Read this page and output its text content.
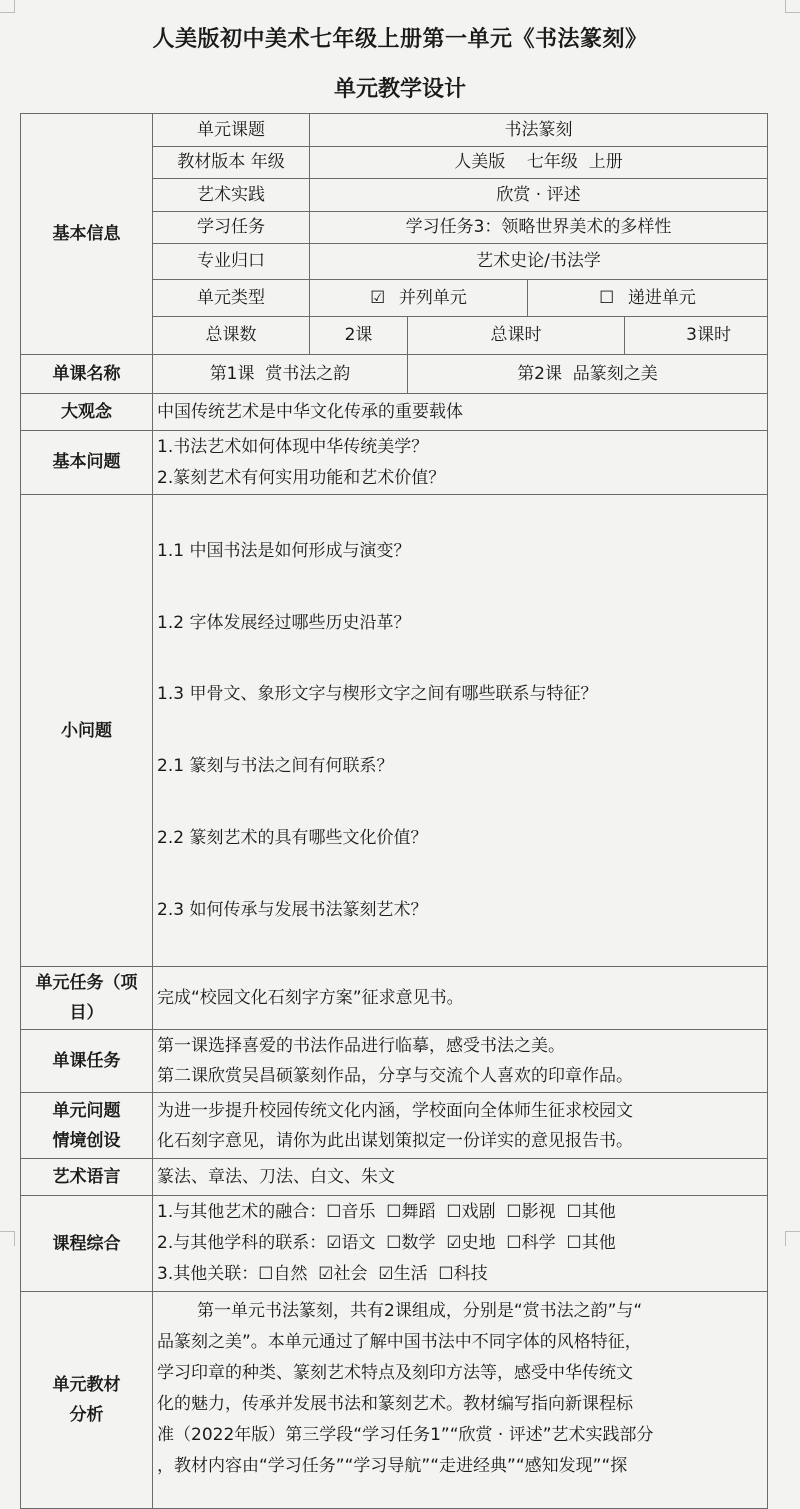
人美版初中美术七年级上册第一单元《书法篆刻》
单元教学设计
基本信息	单元课题	书法篆刻			
	教材版本 年级	人美版    七年级  上册			
	艺术实践	欣赏 · 评述			
	学习任务	学习任务3：领略世界美术的多样性			
	专业归口	艺术史论/书法学			
	单元类型	☑ 并列单元		☐ 递进单元	
	总课数	2课	总课时		3课时
单课名称	第1课  赏书法之韵		第2课  品篆刻之美		
大观念	中国传统艺术是中华文化传承的重要载体				
基本问题	1.书法艺术如何体现中华传统美学？
2.篆刻艺术有何实用功能和艺术价值？				

小问题	

1.1 中国书法是如何形成与演变？

1.2 字体发展经过哪些历史沿革？

1.3 甲骨文、象形文字与楔形文字之间有哪些联系与特征？

2.1 篆刻与书法之间有何联系？

2.2 篆刻艺术的具有哪些文化价值？

2.3 如何传承与发展书法篆刻艺术？

单元任务（项目）	完成“校园文化石刻字方案”征求意见书。				
单课任务	第一课选择喜爱的书法作品进行临摹，感受书法之美。
第二课欣赏吴昌硕篆刻作品，分享与交流个人喜欢的印章作品。				

单元问题
情境创设

为进一步提升校园传统文化内涵，学校面向全体师生征求校园文
化石刻字意见，请你为此出谋划策拟定一份详实的意见报告书。

艺术语言	篆法、章法、刀法、白文、朱文				
课程综合	1.与其他艺术的融合：☐音乐 ☐舞蹈 ☐戏剧 ☐影视 ☐其他
2.与其他学科的联系：☑语文 ☐数学 ☑史地 ☐科学 ☐其他
3.其他关联：☐自然 ☑社会 ☑生活 ☐科技				

单元教材
分析

第一单元书法篆刻，共有2课组成，分别是“赏书法之韵”与“
品篆刻之美”。本单元通过了解中国书法中不同字体的风格特征，
学习印章的种类、篆刻艺术特点及刻印方法等，感受中华传统文
化的魅力，传承并发展书法和篆刻艺术。教材编写指向新课程标
准（2022年版）第三学段“学习任务1”“欣赏 · 评述”艺术实践部分
，教材内容由“学习任务”“学习导航”“走进经典”“感知发现”“探
